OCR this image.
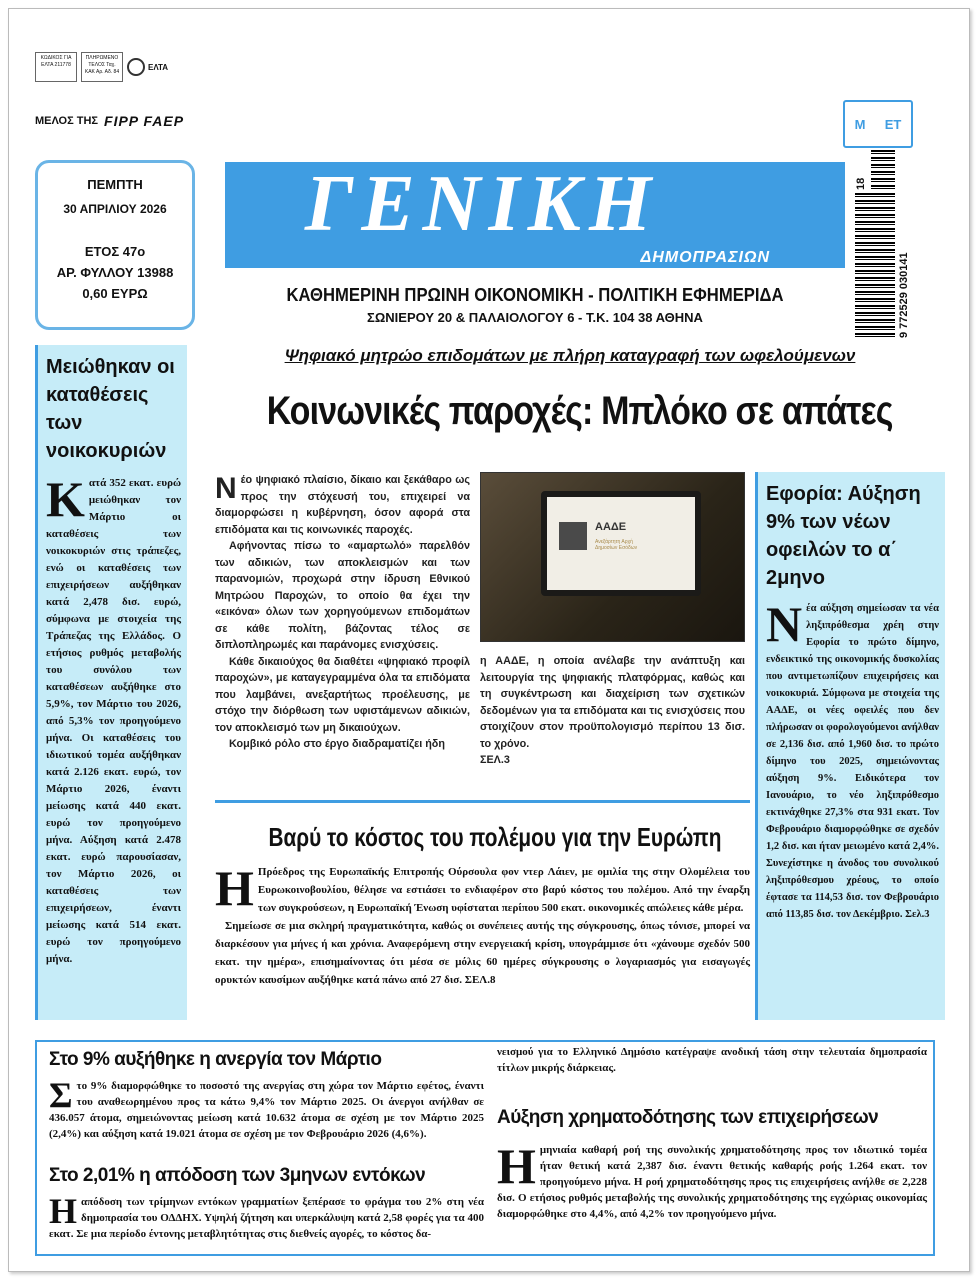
ΚΩΔΙΚΟΣ ΓΙΑ ΕΛΤΑ 211778
ΠΛΗΡΩΜΕΝΟ ΤΕΛΟΣ Ταχ. ΚΑΚ Αρ. Αδ. 84
ΕΛΤΑ
ΜΕΛΟΣ ΤΗΣ FIPP FAEP
ΠΕΜΠΤΗ
30 ΑΠΡΙΛΙΟΥ 2026
ΕΤΟΣ 47ο
ΑΡ. ΦΥΛΛΟΥ 13988
0,60 ΕΥΡΩ
ΓΕΝΙΚΗ
ΔΗΜΟΠΡΑΣΙΩΝ
ΚΑΘΗΜΕΡΙΝΗ ΠΡΩΙΝΗ ΟΙΚΟΝΟΜΙΚΗ - ΠΟΛΙΤΙΚΗ ΕΦΗΜΕΡΙΔΑ
ΣΩΝΙΕΡΟΥ 20 & ΠΑΛΑΙΟΛΟΓΟΥ 6 - Τ.Κ. 104 38 ΑΘΗΝΑ
Μ ΕΤ
18
9 772529 030141
Μειώθηκαν οι καταθέσεις των νοικοκυριών
Κατά 352 εκατ. ευρώ μειώθηκαν τον Μάρτιο οι καταθέσεις των νοικοκυριών στις τράπεζες, ενώ οι καταθέσεις των επιχειρήσεων αυξήθηκαν κατά 2,478 δισ. ευρώ, σύμφωνα με στοιχεία της Τράπεζας της Ελλάδος. Ο ετήσιος ρυθμός μεταβολής του συνόλου των καταθέσεων αυξήθηκε στο 5,9%, τον Μάρτιο του 2026, από 5,3% τον προηγούμενο μήνα. Οι καταθέσεις του ιδιωτικού τομέα αυξήθηκαν κατά 2.126 εκατ. ευρώ, τον Μάρτιο 2026, έναντι μείωσης κατά 440 εκατ. ευρώ τον προηγούμενο μήνα. Αύξηση κατά 2.478 εκατ. ευρώ παρουσίασαν, τον Μάρτιο 2026, οι καταθέσεις των επιχειρήσεων, έναντι μείωσης κατά 514 εκατ. ευρώ τον προηγούμενο μήνα.
Ψηφιακό μητρώο επιδομάτων με πλήρη καταγραφή των ωφελούμενων
Κοινωνικές παροχές: Μπλόκο σε απάτες

Νέο ψηφιακό πλαίσιο, δίκαιο και ξεκάθαρο ως προς την στόχευσή του, επιχειρεί να διαμορφώσει η κυβέρνηση, όσον αφορά στα επιδόματα και τις κοινωνικές παροχές.

Αφήνοντας πίσω το «αμαρτωλό» παρελθόν των αδικιών, των αποκλεισμών και των παρανομιών, προχωρά στην ίδρυση Εθνικού Μητρώου Παροχών, το οποίο θα έχει την «εικόνα» όλων των χορηγούμενων επιδομάτων σε κάθε πολίτη, βάζοντας τέλος σε διπλοπληρωμές και παράνομες ενισχύσεις.

Κάθε δικαιούχος θα διαθέτει «ψηφιακό προφίλ παροχών», με καταγεγραμμένα όλα τα επιδόματα που λαμβάνει, ανεξαρτήτως προέλευσης, με στόχο την διόρθωση των υφιστάμενων αδικιών, τον αποκλεισμό των μη δικαιούχων.

Κομβικό ρόλο στο έργο διαδραματίζει ήδη

ΑΑΔΕ
Ανεξάρτητη Αρχή Δημοσίων Εσόδων

η ΑΑΔΕ, η οποία ανέλαβε την ανάπτυξη και λειτουργία της ψηφιακής πλατφόρμας, καθώς και τη συγκέντρωση και διαχείριση των σχετικών δεδομένων για τα επιδόματα και τις ενισχύσεις που στοιχίζουν στον προϋπολογισμό περίπου 13 δισ. το χρόνο.

ΣΕΛ.3

Βαρύ το κόστος του πολέμου για την Ευρώπη

Η Πρόεδρος της Ευρωπαϊκής Επιτροπής Ούρσουλα φον ντερ Λάιεν, με ομιλία της στην Ολομέλεια του Ευρωκοινοβουλίου, θέλησε να εστιάσει το ενδιαφέρον στο βαρύ κόστος του πολέμου. Από την έναρξη των συγκρούσεων, η Ευρωπαϊκή Ένωση υφίσταται περίπου 500 εκατ. οικονομικές απώλειες κάθε μέρα.

Σημείωσε σε μια σκληρή πραγματικότητα, καθώς οι συνέπειες αυτής της σύγκρουσης, όπως τόνισε, μπορεί να διαρκέσουν για μήνες ή και χρόνια. Αναφερόμενη στην ενεργειακή κρίση, υπογράμμισε ότι «χάνουμε σχεδόν 500 εκατ. την ημέρα», επισημαίνοντας ότι μέσα σε μόλις 60 ημέρες σύγκρουσης ο λογαριασμός για εισαγωγές ορυκτών καυσίμων αυξήθηκε κατά πάνω από 27 δισ. ΣΕΛ.8

Εφορία: Αύξηση 9% των νέων οφειλών το α΄ 2μηνο
Νέα αύξηση σημείωσαν τα νέα ληξιπρόθεσμα χρέη στην Εφορία το πρώτο δίμηνο, ενδεικτικό της οικονομικής δυσκολίας που αντιμετωπίζουν επιχειρήσεις και νοικοκυριά. Σύμφωνα με στοιχεία της ΑΑΔΕ, οι νέες οφειλές που δεν πλήρωσαν οι φορολογούμενοι ανήλθαν σε 2,136 δισ. από 1,960 δισ. το πρώτο δίμηνο του 2025, σημειώνοντας αύξηση 9%. Ειδικότερα τον Ιανουάριο, το νέο ληξιπρόθεσμο εκτινάχθηκε 27,3% στα 931 εκατ. Τον Φεβρουάριο διαμορφώθηκε σε σχεδόν 1,2 δισ. και ήταν μειωμένο κατά 2,4%. Συνεχίστηκε η άνοδος του συνολικού ληξιπρόθεσμου χρέους, το οποίο έφτασε τα 114,53 δισ. τον Φεβρουάριο από 113,85 δισ. τον Δεκέμβριο. Σελ.3
Στο 9% αυξήθηκε η ανεργία τον Μάρτιο
Στο 9% διαμορφώθηκε το ποσοστό της ανεργίας στη χώρα τον Μάρτιο εφέτος, έναντι του αναθεωρημένου προς τα κάτω 9,4% τον Μάρτιο 2025. Οι άνεργοι ανήλθαν σε 436.057 άτομα, σημειώνοντας μείωση κατά 10.632 άτομα σε σχέση με τον Μάρτιο 2025 (2,4%) και αύξηση κατά 19.021 άτομα σε σχέση με τον Φεβρουάριο 2026 (4,6%).
Στο 2,01% η απόδοση των 3μηνων εντόκων
Ηαπόδοση των τρίμηνων εντόκων γραμματίων ξεπέρασε το φράγμα του 2% στη νέα δημοπρασία του ΟΔΔΗΧ. Υψηλή ζήτηση και υπερκάλυψη κατά 2,58 φορές για τα 400 εκατ. Σε μια περίοδο έντονης μεταβλητότητας στις διεθνείς αγορές, το κόστος δα-
νεισμού για το Ελληνικό Δημόσιο κατέγραψε ανοδική τάση στην τελευταία δημοπρασία τίτλων μικρής διάρκειας.
Αύξηση χρηματοδότησης των επιχειρήσεων
Ημηνιαία καθαρή ροή της συνολικής χρηματοδότησης προς τον ιδιωτικό τομέα ήταν θετική κατά 2,387 δισ. έναντι θετικής καθαρής ροής 1.264 εκατ. τον προηγούμενο μήνα. Η ροή χρηματοδότησης προς τις επιχειρήσεις ανήλθε σε 2,228 δισ. Ο ετήσιος ρυθμός μεταβολής της συνολικής χρηματοδότησης της εγχώριας οικονομίας διαμορφώθηκε στο 4,4%, από 4,2% τον προηγούμενο μήνα.
